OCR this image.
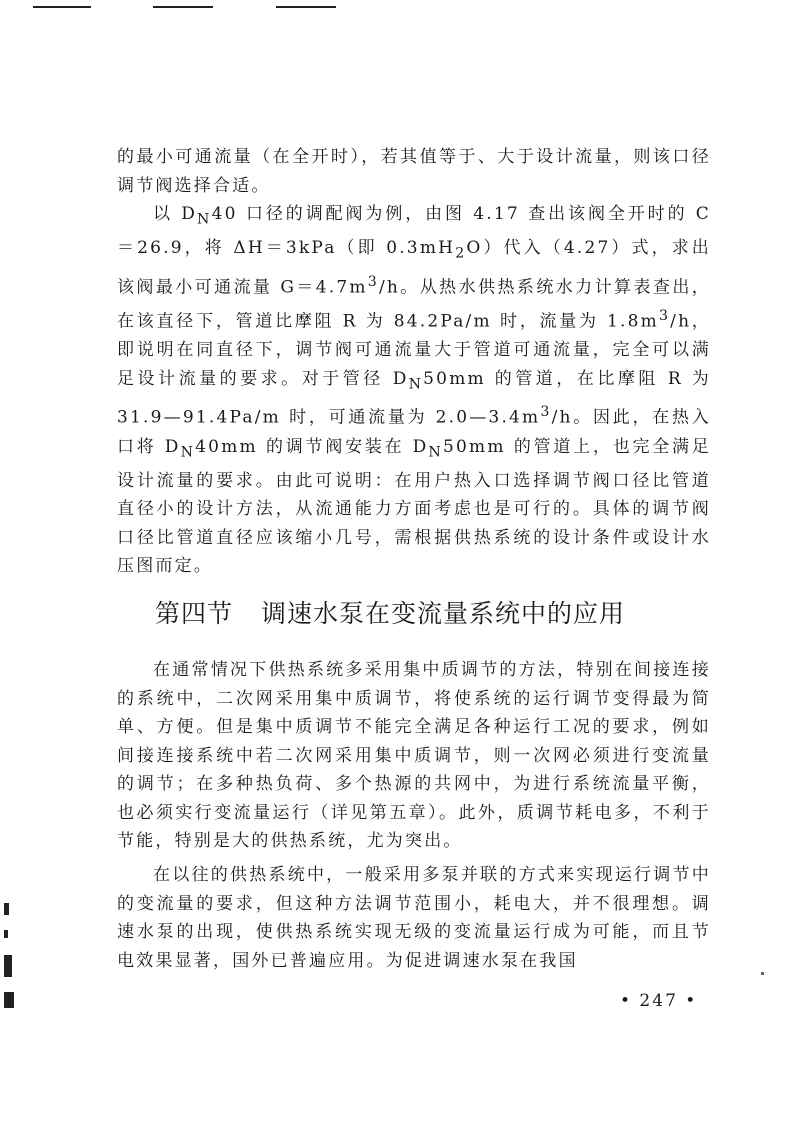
的最小可通流量（在全开时），若其值等于、大于设计流量，则该口径调节阀选择合适。

以 $D_N40$ 口径的调配阀为例，由图 4.17 查出该阀全开时的 C ＝26.9，将 ΔH＝3kPa（即 $0.3mH_2O$）代入（4.27）式，求出该阀最小可通流量 $G=4.7m^3/h$。从热水供热系统水力计算表查出，在该直径下，管道比摩阻 R 为 84.2Pa/m 时，流量为 $1.8m^3/h$，即说明在同直径下，调节阀可通流量大于管道可通流量，完全可以满足设计流量的要求。对于管径 $D_N50mm$ 的管道，在比摩阻 R 为 31.9—91.4Pa/m 时，可通流量为 $2.0—3.4m^3/h$。因此，在热入口将 $D_N40mm$ 的调节阀安装在 $D_N50mm$ 的管道上，也完全满足设计流量的要求。由此可说明：在用户热入口选择调节阀口径比管道直径小的设计方法，从流通能力方面考虑也是可行的。具体的调节阀口径比管道直径应该缩小几号，需根据供热系统的设计条件或设计水压图而定。

第四节 调速水泵在变流量系统中的应用

在通常情况下供热系统多采用集中质调节的方法，特别在间接连接的系统中，二次网采用集中质调节，将使系统的运行调节变得最为简单、方便。但是集中质调节不能完全满足各种运行工况的要求，例如间接连接系统中若二次网采用集中质调节，则一次网必须进行变流量的调节；在多种热负荷、多个热源的共网中，为进行系统流量平衡，也必须实行变流量运行（详见第五章）。此外，质调节耗电多，不利于节能，特别是大的供热系统，尤为突出。

在以往的供热系统中，一般采用多泵并联的方式来实现运行调节中的变流量的要求，但这种方法调节范围小，耗电大，并不很理想。调速水泵的出现，使供热系统实现无级的变流量运行成为可能，而且节电效果显著，国外已普遍应用。为促进调速水泵在我国

• 247 •
